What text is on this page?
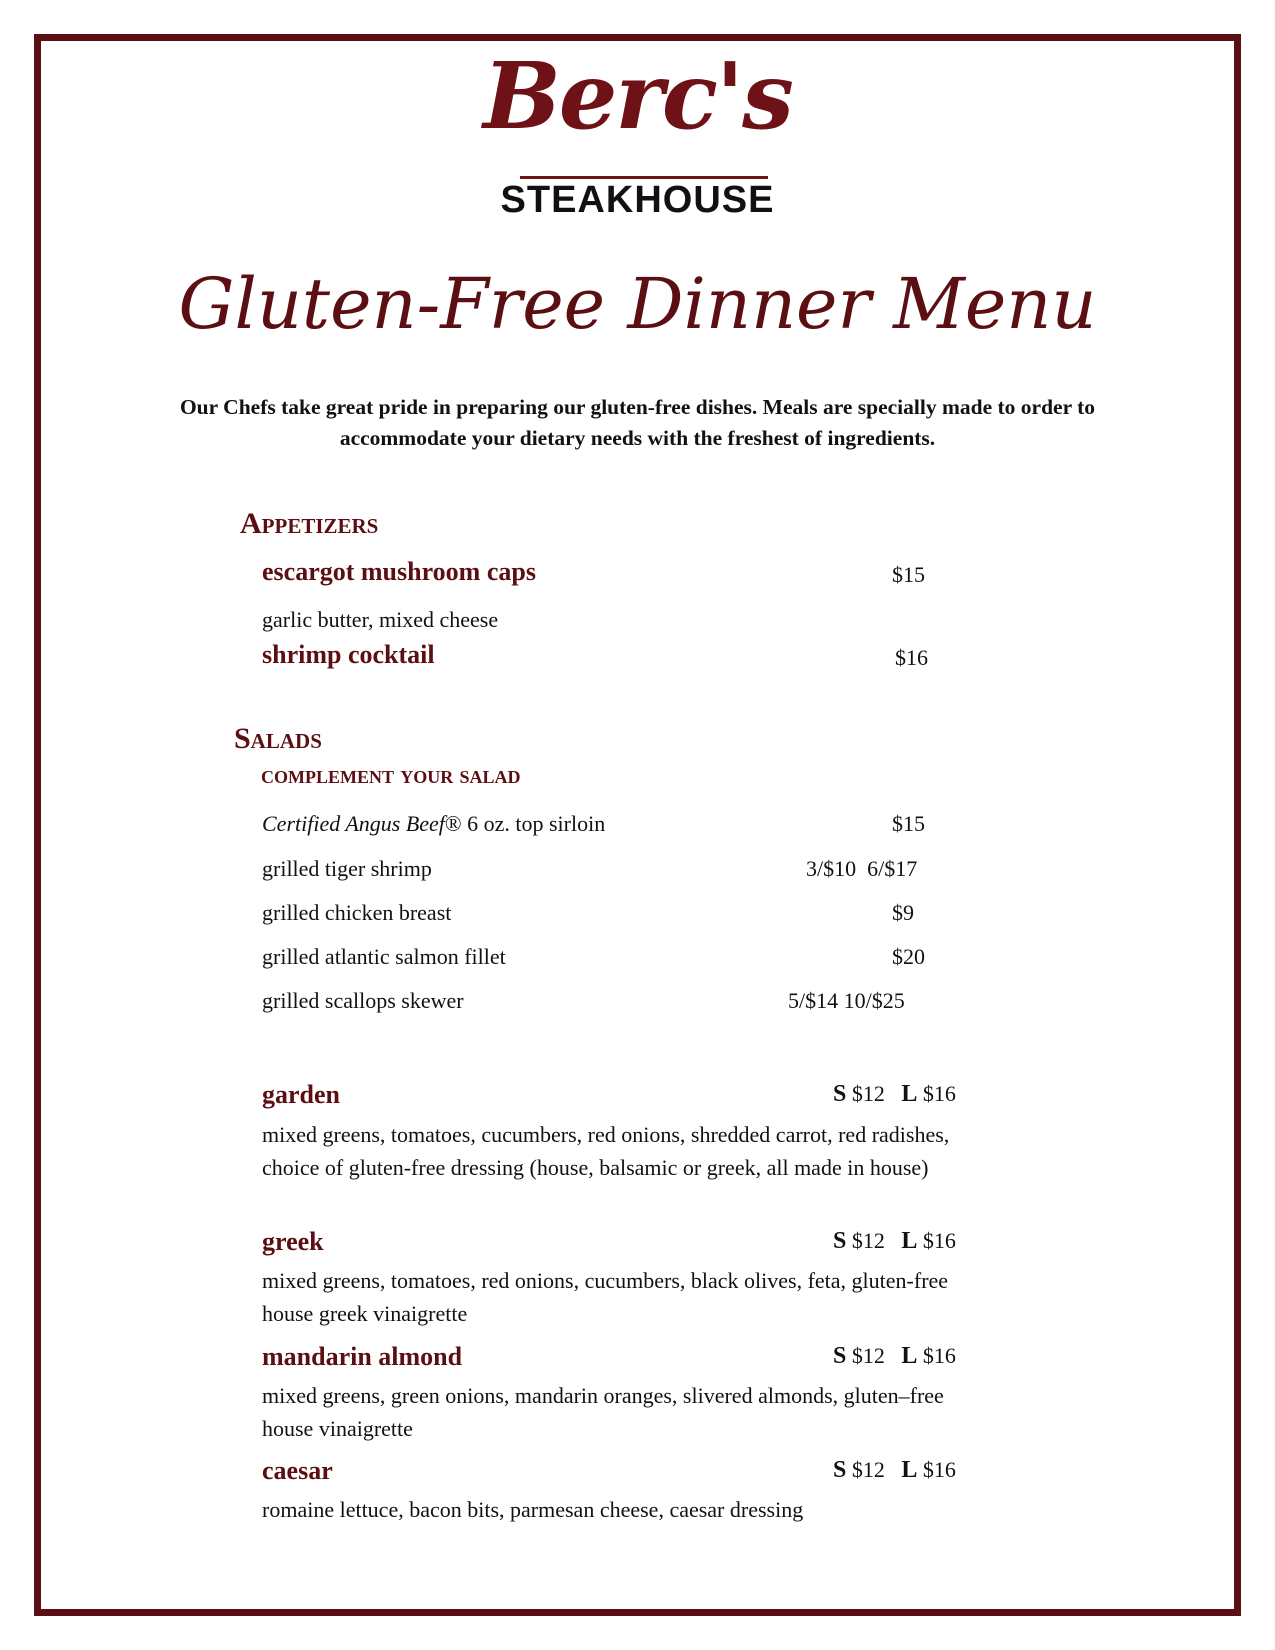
Berc's
STEAKHOUSE
Gluten-Free Dinner Menu
Our Chefs take great pride in preparing our gluten-free dishes. Meals are specially made to order to accommodate your dietary needs with the freshest of ingredients.
Appetizers
escargot mushroom caps	$15
garlic butter, mixed cheese
shrimp cocktail	$16
Salads
complement your salad
Certified Angus Beef® 6 oz. top sirloin	$15
grilled tiger shrimp	3/$10  6/$17
grilled chicken breast	$9
grilled atlantic salmon fillet	$20
grilled scallops skewer	5/$14 10/$25
garden	S $12 L $16
mixed greens, tomatoes, cucumbers, red onions, shredded carrot, red radishes, choice of gluten-free dressing (house, balsamic or greek, all made in house)
greek	S $12 L $16
mixed greens, tomatoes, red onions, cucumbers, black olives, feta, gluten-free house greek vinaigrette
mandarin almond	S $12 L $16
mixed greens, green onions, mandarin oranges, slivered almonds, gluten–free house vinaigrette
caesar	S $12 L $16
romaine lettuce, bacon bits, parmesan cheese, caesar dressing
